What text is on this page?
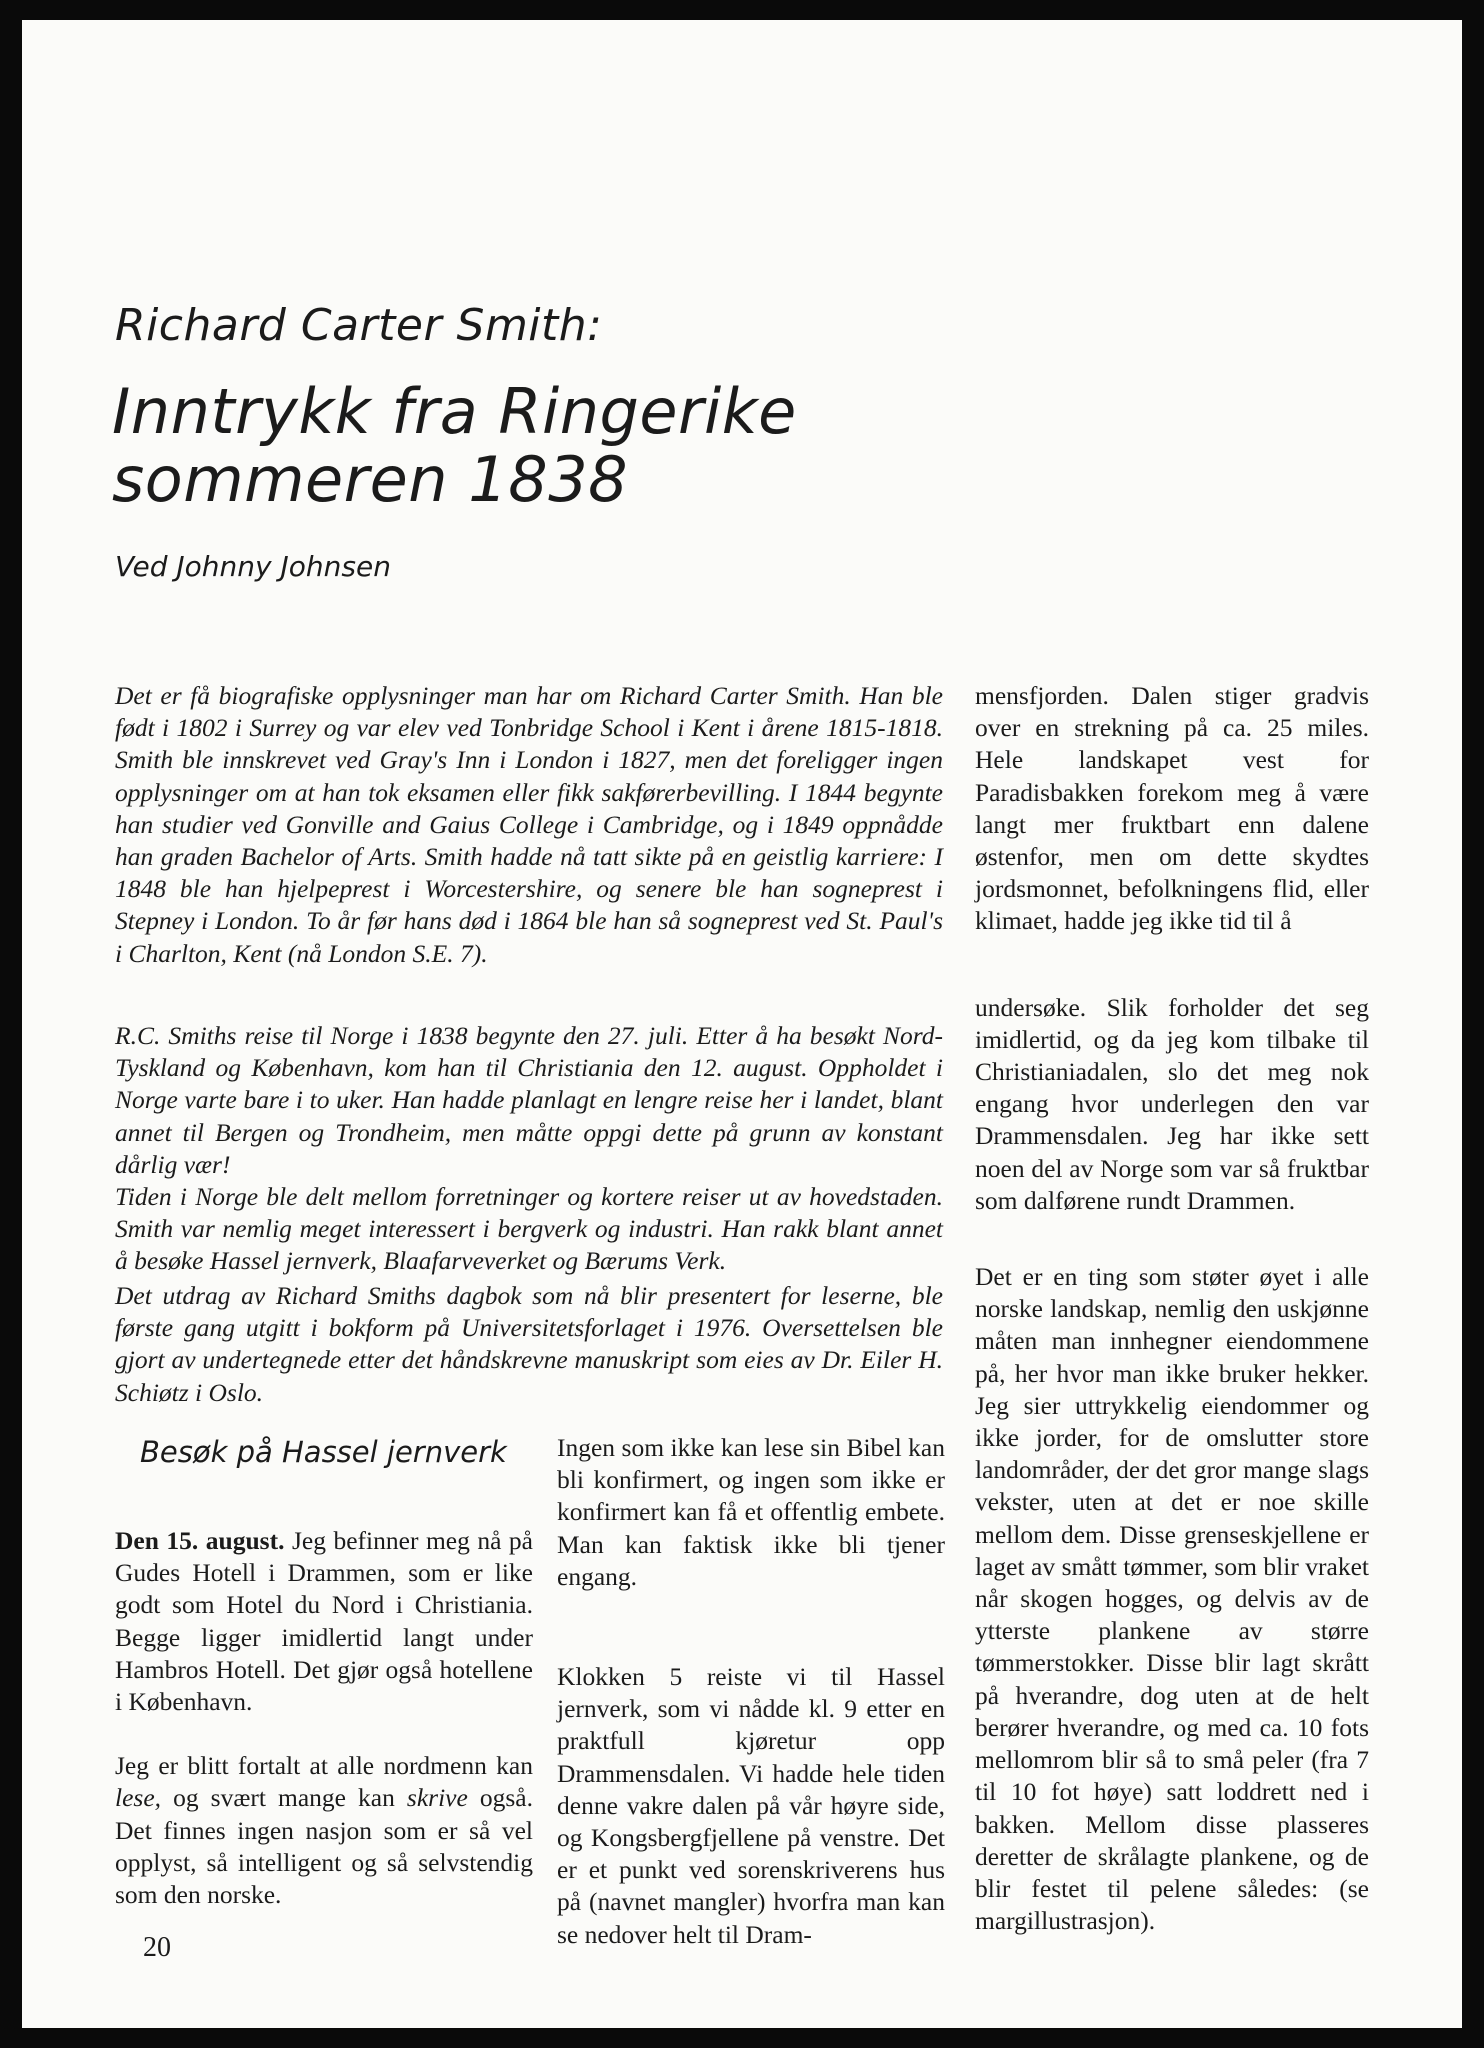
Richard Carter Smith:
Inntrykk fra Ringerike
sommeren 1838
Ved Johnny Johnsen

Det er få biografiske opplysninger man har om Richard Carter Smith. Han ble født i 1802 i Surrey og var elev ved Tonbridge School i Kent i årene 1815-1818. Smith ble innskrevet ved Gray's Inn i London i 1827, men det foreligger ingen opplysninger om at han tok eksamen eller fikk sakførerbevilling. I 1844 begynte han studier ved Gonville and Gaius College i Cambridge, og i 1849 oppnådde han graden Bachelor of Arts. Smith hadde nå tatt sikte på en geistlig karriere: I 1848 ble han hjelpeprest i Worcestershire, og senere ble han sogneprest i Stepney i London. To år før hans død i 1864 ble han så sogneprest ved St. Paul's i Charlton, Kent (nå London S.E. 7).

R.C. Smiths reise til Norge i 1838 begynte den 27. juli. Etter å ha besøkt Nord-Tyskland og København, kom han til Christiania den 12. august. Oppholdet i Norge varte bare i to uker. Han hadde planlagt en lengre reise her i landet, blant annet til Bergen og Trondheim, men måtte oppgi dette på grunn av konstant dårlig vær!

Tiden i Norge ble delt mellom forretninger og kortere reiser ut av hovedstaden. Smith var nemlig meget interessert i bergverk og industri. Han rakk blant annet å besøke Hassel jernverk, Blaafarveverket og Bærums Verk.

Det utdrag av Richard Smiths dagbok som nå blir presentert for leserne, ble første gang utgitt i bokform på Universitetsforlaget i 1976. Oversettelsen ble gjort av undertegnede etter det håndskrevne manuskript som eies av Dr. Eiler H. Schiøtz i Oslo.

Besøk på Hassel jernverk

Den 15. august. Jeg befinner meg nå på Gudes Hotell i Drammen, som er like godt som Hotel du Nord i Christiania. Begge ligger imidlertid langt under Hambros Hotell. Det gjør også hotellene i København.

Jeg er blitt fortalt at alle nordmenn kan lese, og svært mange kan skrive også. Det finnes ingen nasjon som er så vel opplyst, så intelligent og så selvstendig som den norske.

Ingen som ikke kan lese sin Bibel kan bli konfirmert, og ingen som ikke er konfirmert kan få et offentlig embete. Man kan faktisk ikke bli tjener engang.

Klokken 5 reiste vi til Hassel jernverk, som vi nådde kl. 9 etter en praktfull kjøretur opp Drammensdalen. Vi hadde hele tiden denne vakre dalen på vår høyre side, og Kongsbergfjellene på venstre. Det er et punkt ved sorenskriverens hus på (navnet mangler) hvorfra man kan se nedover helt til Dram-

mensfjorden. Dalen stiger gradvis over en strekning på ca. 25 miles. Hele landskapet vest for Paradisbakken forekom meg å være langt mer fruktbart enn dalene østenfor, men om dette skydtes jordsmonnet, befolkningens flid, eller klimaet, hadde jeg ikke tid til å

undersøke. Slik forholder det seg imidlertid, og da jeg kom tilbake til Christianiadalen, slo det meg nok engang hvor underlegen den var Drammensdalen. Jeg har ikke sett noen del av Norge som var så fruktbar som dalførene rundt Drammen.

Det er en ting som støter øyet i alle norske landskap, nemlig den uskjønne måten man innhegner eiendommene på, her hvor man ikke bruker hekker. Jeg sier uttrykkelig eiendommer og ikke jorder, for de omslutter store landområder, der det gror mange slags vekster, uten at det er noe skille mellom dem. Disse grenseskjellene er laget av smått tømmer, som blir vraket når skogen hogges, og delvis av de ytterste plankene av større tømmerstokker. Disse blir lagt skrått på hverandre, dog uten at de helt berører hverandre, og med ca. 10 fots mellomrom blir så to små peler (fra 7 til 10 fot høye) satt loddrett ned i bakken. Mellom disse plasseres deretter de skrålagte plankene, og de blir festet til pelene således: (se margillustrasjon).

20
